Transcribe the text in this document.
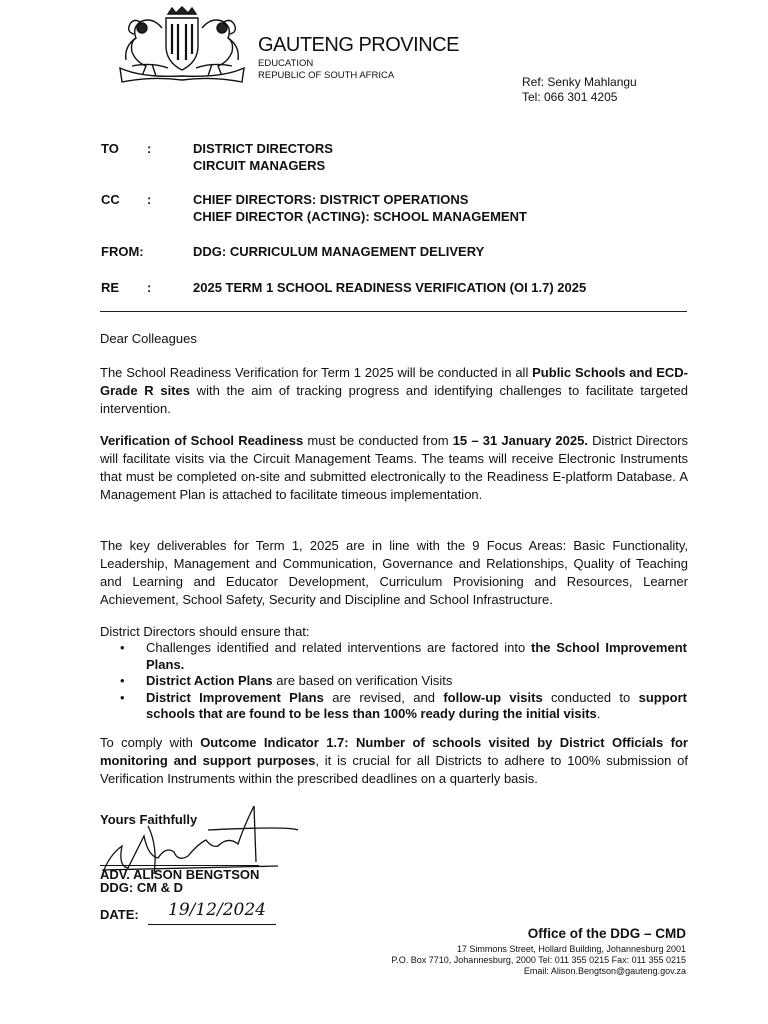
GAUTENG PROVINCE
EDUCATION
REPUBLIC OF SOUTH AFRICA	Ref: Senky Mahlangu
Tel: 066 301 4205
TO	:	DISTRICT DIRECTORS
CIRCUIT MANAGERS
CC	:	CHIEF DIRECTORS: DISTRICT OPERATIONS
CHIEF DIRECTOR (ACTING): SCHOOL MANAGEMENT
FROM:	DDG: CURRICULUM MANAGEMENT DELIVERY
RE	:	2025 TERM 1 SCHOOL READINESS VERIFICATION (OI 1.7) 2025
Dear Colleagues
The School Readiness Verification for Term 1 2025 will be conducted in all Public Schools and ECD-Grade R sites with the aim of tracking progress and identifying challenges to facilitate targeted intervention.
Verification of School Readiness must be conducted from 15 – 31 January 2025. District Directors will facilitate visits via the Circuit Management Teams. The teams will receive Electronic Instruments that must be completed on-site and submitted electronically to the Readiness E-platform Database. A Management Plan is attached to facilitate timeous implementation.
The key deliverables for Term 1, 2025 are in line with the 9 Focus Areas: Basic Functionality, Leadership, Management and Communication, Governance and Relationships, Quality of Teaching and Learning and Educator Development, Curriculum Provisioning and Resources, Learner Achievement, School Safety, Security and Discipline and School Infrastructure.
District Directors should ensure that:
• Challenges identified and related interventions are factored into the School Improvement Plans.
• District Action Plans are based on verification Visits
• District Improvement Plans are revised, and follow-up visits conducted to support schools that are found to be less than 100% ready during the initial visits.
To comply with Outcome Indicator 1.7: Number of schools visited by District Officials for monitoring and support purposes, it is crucial for all Districts to adhere to 100% submission of Verification Instruments within the prescribed deadlines on a quarterly basis.
Yours Faithfully
ADV. ALISON BENGTSON
DDG: CM & D
DATE: 19/12/2024
Office of the DDG – CMD
17 Simmons Street, Hollard Building, Johannesburg 2001
P.O. Box 7710, Johannesburg, 2000 Tel: 011 355 0215 Fax: 011 355 0215
Email: Alison.Bengtson@gauteng.gov.za
